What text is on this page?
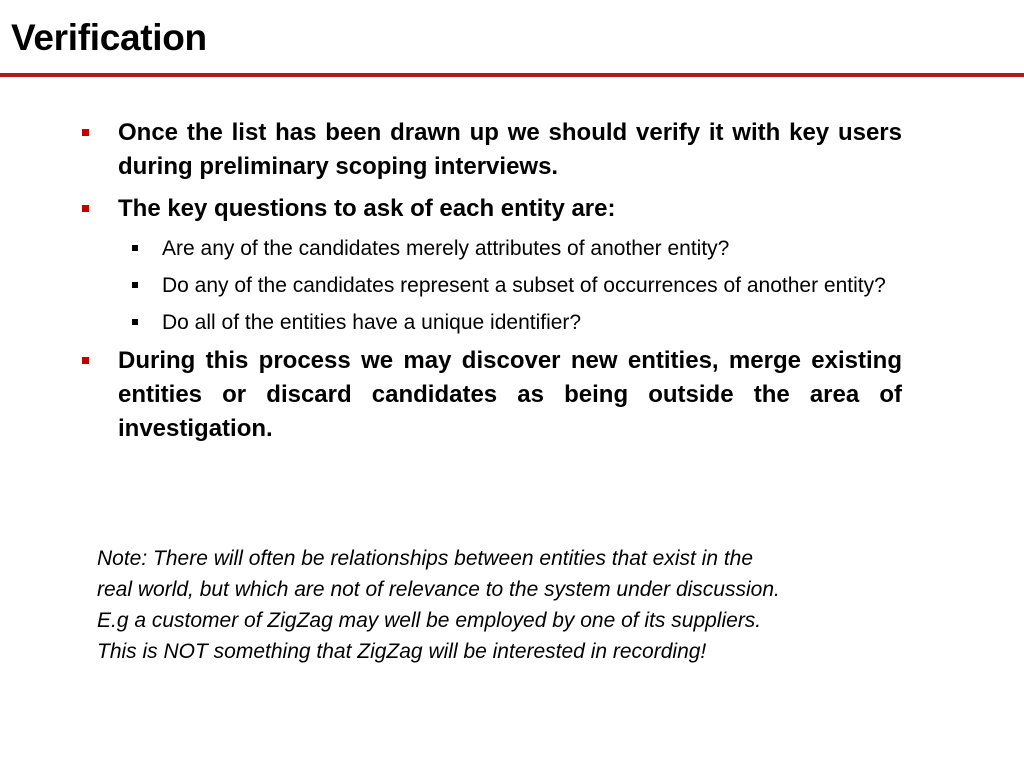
Verification
Once the list has been drawn up we should verify it with key users during preliminary scoping interviews.
The key questions to ask of each entity are:
Are any of the candidates merely attributes of another entity?
Do any of the candidates represent a subset of occurrences of another entity?
Do all of the entities have a unique identifier?
During this process we may discover new entities, merge existing entities or discard candidates as being outside the area of investigation.

Note: There will often be relationships between entities that exist in the

real world, but which are not of relevance to the system under discussion.

E.g a customer of ZigZag may well be employed by one of its suppliers.

This is NOT something that ZigZag will be interested in recording!
